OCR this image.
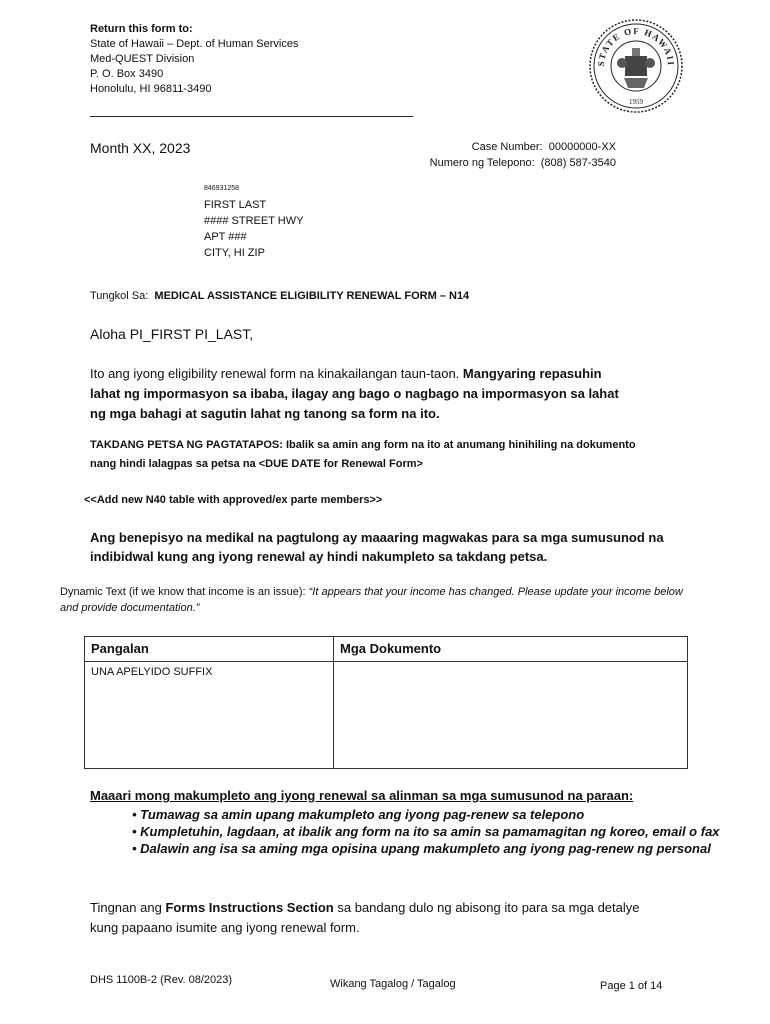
Return this form to:
State of Hawaii – Dept. of Human Services
Med-QUEST Division
P. O. Box 3490
Honolulu, HI 96811-3490
STATE OF HAWAII
1959
Month XX, 2023	Case Number: 00000000-XX
Numero ng Telepono: (808) 587-3540
846931258
FIRST LAST
#### STREET HWY
APT ###
CITY, HI ZIP
Tungkol Sa: MEDICAL ASSISTANCE ELIGIBILITY RENEWAL FORM – N14
Aloha PI_FIRST PI_LAST,
Ito ang iyong eligibility renewal form na kinakailangan taun-taon. Mangyaring repasuhin lahat ng impormasyon sa ibaba, ilagay ang bago o nagbago na impormasyon sa lahat ng mga bahagi at sagutin lahat ng tanong sa form na ito.
TAKDANG PETSA NG PAGTATAPOS: Ibalik sa amin ang form na ito at anumang hinihiling na dokumento nang hindi lalagpas sa petsa na <DUE DATE for Renewal Form>
<<Add new N40 table with approved/ex parte members>>
Ang benepisyo na medikal na pagtulong ay maaaring magwakas para sa mga sumusunod na indibidwal kung ang iyong renewal ay hindi nakumpleto sa takdang petsa.
Dynamic Text (if we know that income is an issue): “It appears that your income has changed. Please update your income below and provide documentation.”
Pangalan	Mga Dokumento
UNA APELYIDO SUFFIX	
Maaari mong makumpleto ang iyong renewal sa alinman sa mga sumusunod na paraan:
• Tumawag sa amin upang makumpleto ang iyong pag-renew sa telepono
• Kumpletuhin, lagdaan, at ibalik ang form na ito sa amin sa pamamagitan ng koreo, email o fax
• Dalawin ang isa sa aming mga opisina upang makumpleto ang iyong pag-renew ng personal
Tingnan ang Forms Instructions Section sa bandang dulo ng abisong ito para sa mga detalye kung papaano isumite ang iyong renewal form.
DHS 1100B-2 (Rev. 08/2023)	Wikang Tagalog / Tagalog	Page 1 of 14
